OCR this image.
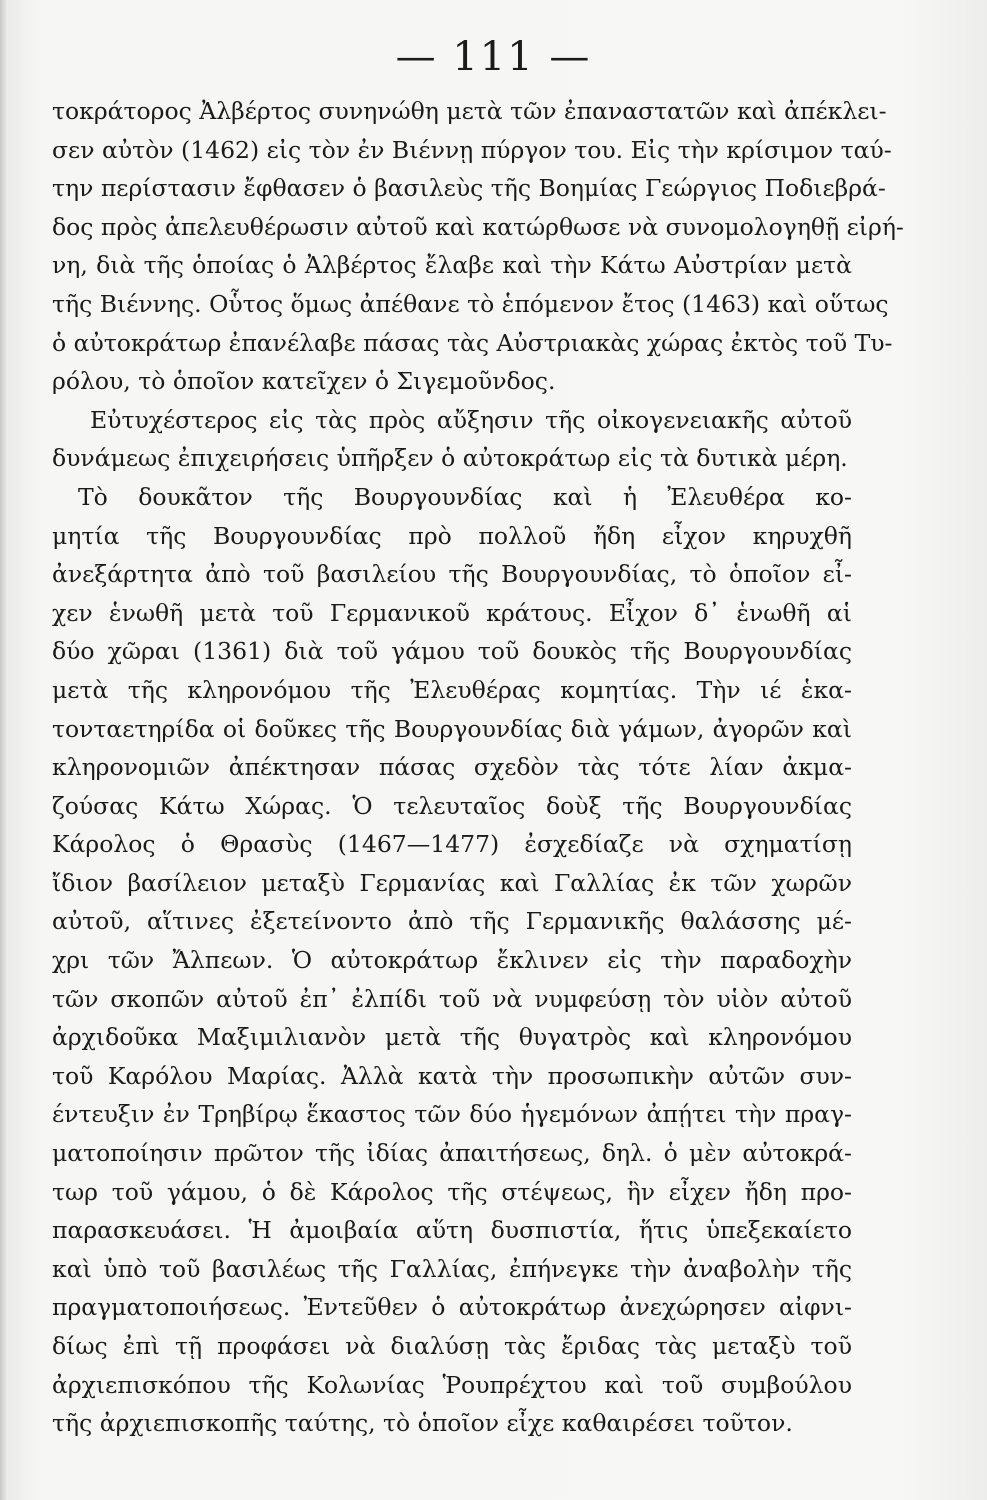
— 111 —
τοκράτορος Ἀλβέρτος συνηνώθη μετὰ τῶν ἐπαναστατῶν καὶ ἀπέκλει-
σεν αὐτὸν (1462) εἰς τὸν ἐν Βιέννῃ πύργον του. Εἰς τὴν κρίσιμον ταύ-
την περίστασιν ἔφθασεν ὁ βασιλεὺς τῆς Βοημίας Γεώργιος Ποδιεβρά-
δος πρὸς ἀπελευθέρωσιν αὐτοῦ καὶ κατώρθωσε νὰ συνομολογηθῇ εἰρή-
νη, διὰ τῆς ὁποίας ὁ Ἀλβέρτος ἔλαβε καὶ τὴν Κάτω Αὐστρίαν μετὰ
τῆς Βιέννης. Οὗτος ὅμως ἀπέθανε τὸ ἑπόμενον ἔτος (1463) καὶ οὕτως
ὁ αὐτοκράτωρ ἐπανέλαβε πάσας τὰς Αὐστριακὰς χώρας ἐκτὸς τοῦ Τυ-
ρόλου, τὸ ὁποῖον κατεῖχεν ὁ Σιγεμοῦνδος.
Εὐτυχέστερος εἰς τὰς πρὸς αὔξησιν τῆς οἰκογενειακῆς αὐτοῦ
δυνάμεως ἐπιχειρήσεις ὑπῆρξεν ὁ αὐτοκράτωρ εἰς τὰ δυτικὰ μέρη.
Τὸ δουκᾶτον τῆς Βουργουνδίας καὶ ἡ Ἐλευθέρα κο-
μητία τῆς Βουργουνδίας πρὸ πολλοῦ ἤδη εἶχον κηρυχθῆ
ἀνεξάρτητα ἀπὸ τοῦ βασιλείου τῆς Βουργουνδίας, τὸ ὁποῖον εἶ-
χεν ἑνωθῆ μετὰ τοῦ Γερμανικοῦ κράτους. Εἶχον δ᾽ ἑνωθῆ αἱ
δύο χῶραι (1361) διὰ τοῦ γάμου τοῦ δουκὸς τῆς Βουργουνδίας
μετὰ τῆς κληρονόμου τῆς Ἐλευθέρας κομητίας. Τὴν ιέ ἑκα-
τονταετηρίδα οἱ δοῦκες τῆς Βουργουνδίας διὰ γάμων, ἀγορῶν καὶ
κληρονομιῶν ἀπέκτησαν πάσας σχεδὸν τὰς τότε λίαν ἀκμα-
ζούσας Κάτω Χώρας. Ὁ τελευταῖος δοὺξ τῆς Βουργουνδίας
Κάρολος ὁ Θρασὺς (1467—1477) ἐσχεδίαζε νὰ σχηματίσῃ
ἴδιον βασίλειον μεταξὺ Γερμανίας καὶ Γαλλίας ἐκ τῶν χωρῶν
αὐτοῦ, αἵτινες ἐξετείνοντο ἀπὸ τῆς Γερμανικῆς θαλάσσης μέ-
χρι τῶν Ἄλπεων. Ὁ αὐτοκράτωρ ἔκλινεν εἰς τὴν παραδοχὴν
τῶν σκοπῶν αὐτοῦ ἐπ᾽ ἐλπίδι τοῦ νὰ νυμφεύσῃ τὸν υἱὸν αὐτοῦ
ἀρχιδοῦκα Μαξιμιλιανὸν μετὰ τῆς θυγατρὸς καὶ κληρονόμου
τοῦ Καρόλου Μαρίας. Ἀλλὰ κατὰ τὴν προσωπικὴν αὐτῶν συν-
έντευξιν ἐν Τρηβίρῳ ἕκαστος τῶν δύο ἡγεμόνων ἀπῄτει τὴν πραγ-
ματοποίησιν πρῶτον τῆς ἰδίας ἀπαιτήσεως, δηλ. ὁ μὲν αὐτοκρά-
τωρ τοῦ γάμου, ὁ δὲ Κάρολος τῆς στέψεως, ἣν εἶχεν ἤδη προ-
παρασκευάσει. Ἡ ἀμοιβαία αὕτη δυσπιστία, ἥτις ὑπεξεκαίετο
καὶ ὑπὸ τοῦ βασιλέως τῆς Γαλλίας, ἐπήνεγκε τὴν ἀναβολὴν τῆς
πραγματοποιήσεως. Ἐντεῦθεν ὁ αὐτοκράτωρ ἀνεχώρησεν αἰφνι-
δίως ἐπὶ τῇ προφάσει νὰ διαλύσῃ τὰς ἔριδας τὰς μεταξὺ τοῦ
ἀρχιεπισκόπου τῆς Κολωνίας Ῥουπρέχτου καὶ τοῦ συμβούλου
τῆς ἀρχιεπισκοπῆς ταύτης, τὸ ὁποῖον εἶχε καθαιρέσει τοῦτον.
